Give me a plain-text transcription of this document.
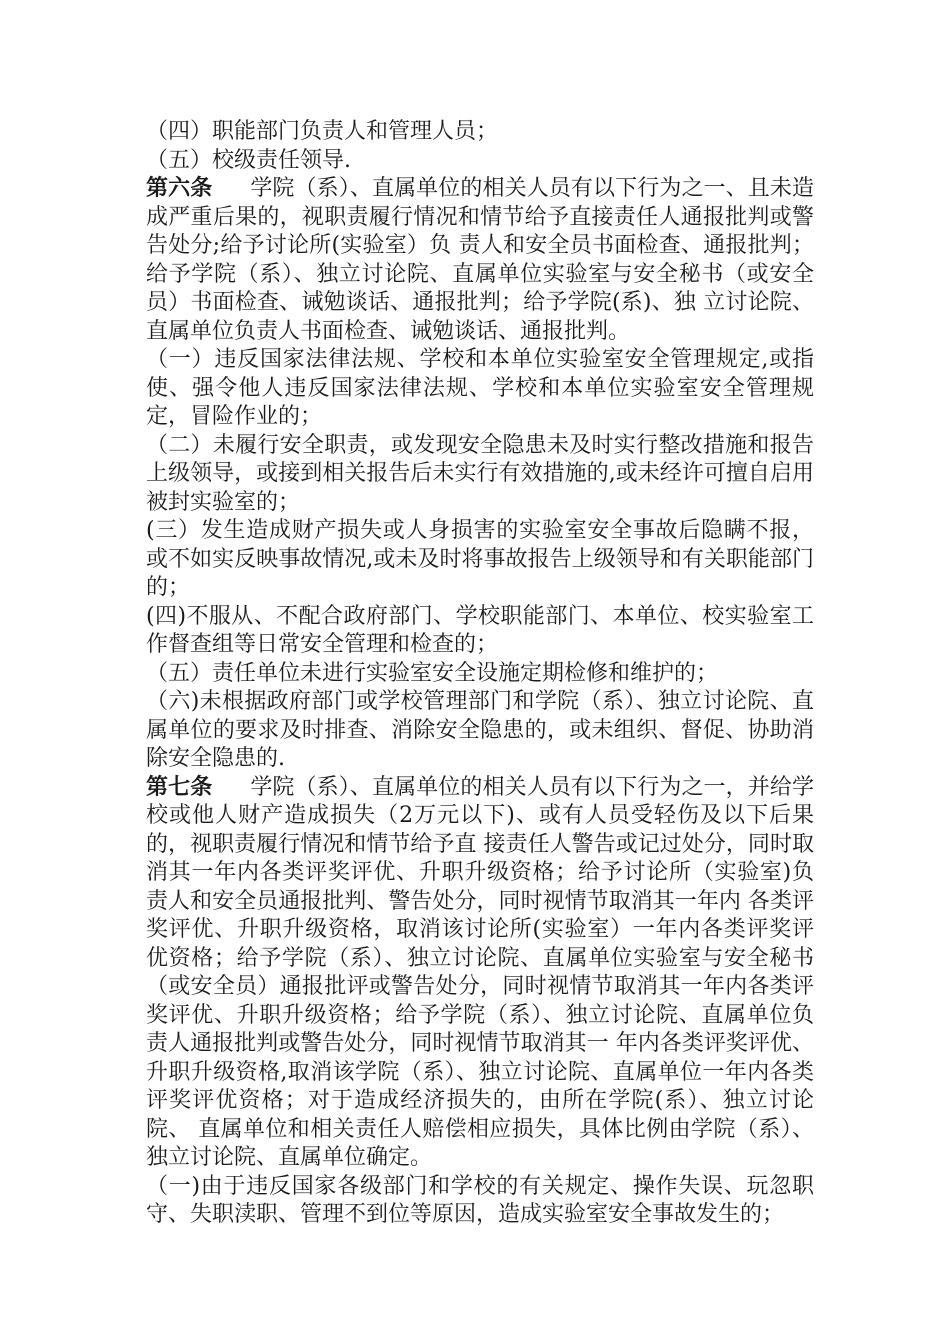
（四）职能部门负责人和管理人员；

（五）校级责任领导.

第六条 学院（系）、直属单位的相关人员有以下行为之一、且未造成严重后果的，视职责履行情况和情节给予直接责任人通报批判或警告处分;给予讨论所(实验室）负 责人和安全员书面检查、通报批判；给予学院（系）、独立讨论院、直属单位实验室与安全秘书（或安全员）书面检查、诫勉谈话、通报批判；给予学院(系)、独 立讨论院、直属单位负责人书面检查、诫勉谈话、通报批判。

（一）违反国家法律法规、学校和本单位实验室安全管理规定,或指使、强令他人违反国家法律法规、学校和本单位实验室安全管理规定，冒险作业的；

（二）未履行安全职责，或发现安全隐患未及时实行整改措施和报告上级领导，或接到相关报告后未实行有效措施的,或未经许可擅自启用被封实验室的；

(三）发生造成财产损失或人身损害的实验室安全事故后隐瞒不报，或不如实反映事故情况,或未及时将事故报告上级领导和有关职能部门的；

(四)不服从、不配合政府部门、学校职能部门、本单位、校实验室工作督查组等日常安全管理和检查的；

（五）责任单位未进行实验室安全设施定期检修和维护的；

（六)未根据政府部门或学校管理部门和学院（系）、独立讨论院、直属单位的要求及时排查、消除安全隐患的，或未组织、督促、协助消除安全隐患的.

第七条 学院（系）、直属单位的相关人员有以下行为之一，并给学校或他人财产造成损失（2万元以下)、或有人员受轻伤及以下后果的，视职责履行情况和情节给予直 接责任人警告或记过处分，同时取消其一年内各类评奖评优、升职升级资格；给予讨论所（实验室)负责人和安全员通报批判、警告处分，同时视情节取消其一年内 各类评奖评优、升职升级资格，取消该讨论所(实验室）一年内各类评奖评优资格；给予学院（系）、独立讨论院、直属单位实验室与安全秘书（或安全员）通报批评或警告处分，同时视情节取消其一年内各类评奖评优、升职升级资格；给予学院（系）、独立讨论院、直属单位负责人通报批判或警告处分，同时视情节取消其一 年内各类评奖评优、升职升级资格,取消该学院（系）、独立讨论院、直属单位一年内各类评奖评优资格；对于造成经济损失的，由所在学院(系）、独立讨论院、 直属单位和相关责任人赔偿相应损失，具体比例由学院（系）、独立讨论院、直属单位确定。

（一)由于违反国家各级部门和学校的有关规定、操作失误、玩忽职守、失职渎职、管理不到位等原因，造成实验室安全事故发生的；
